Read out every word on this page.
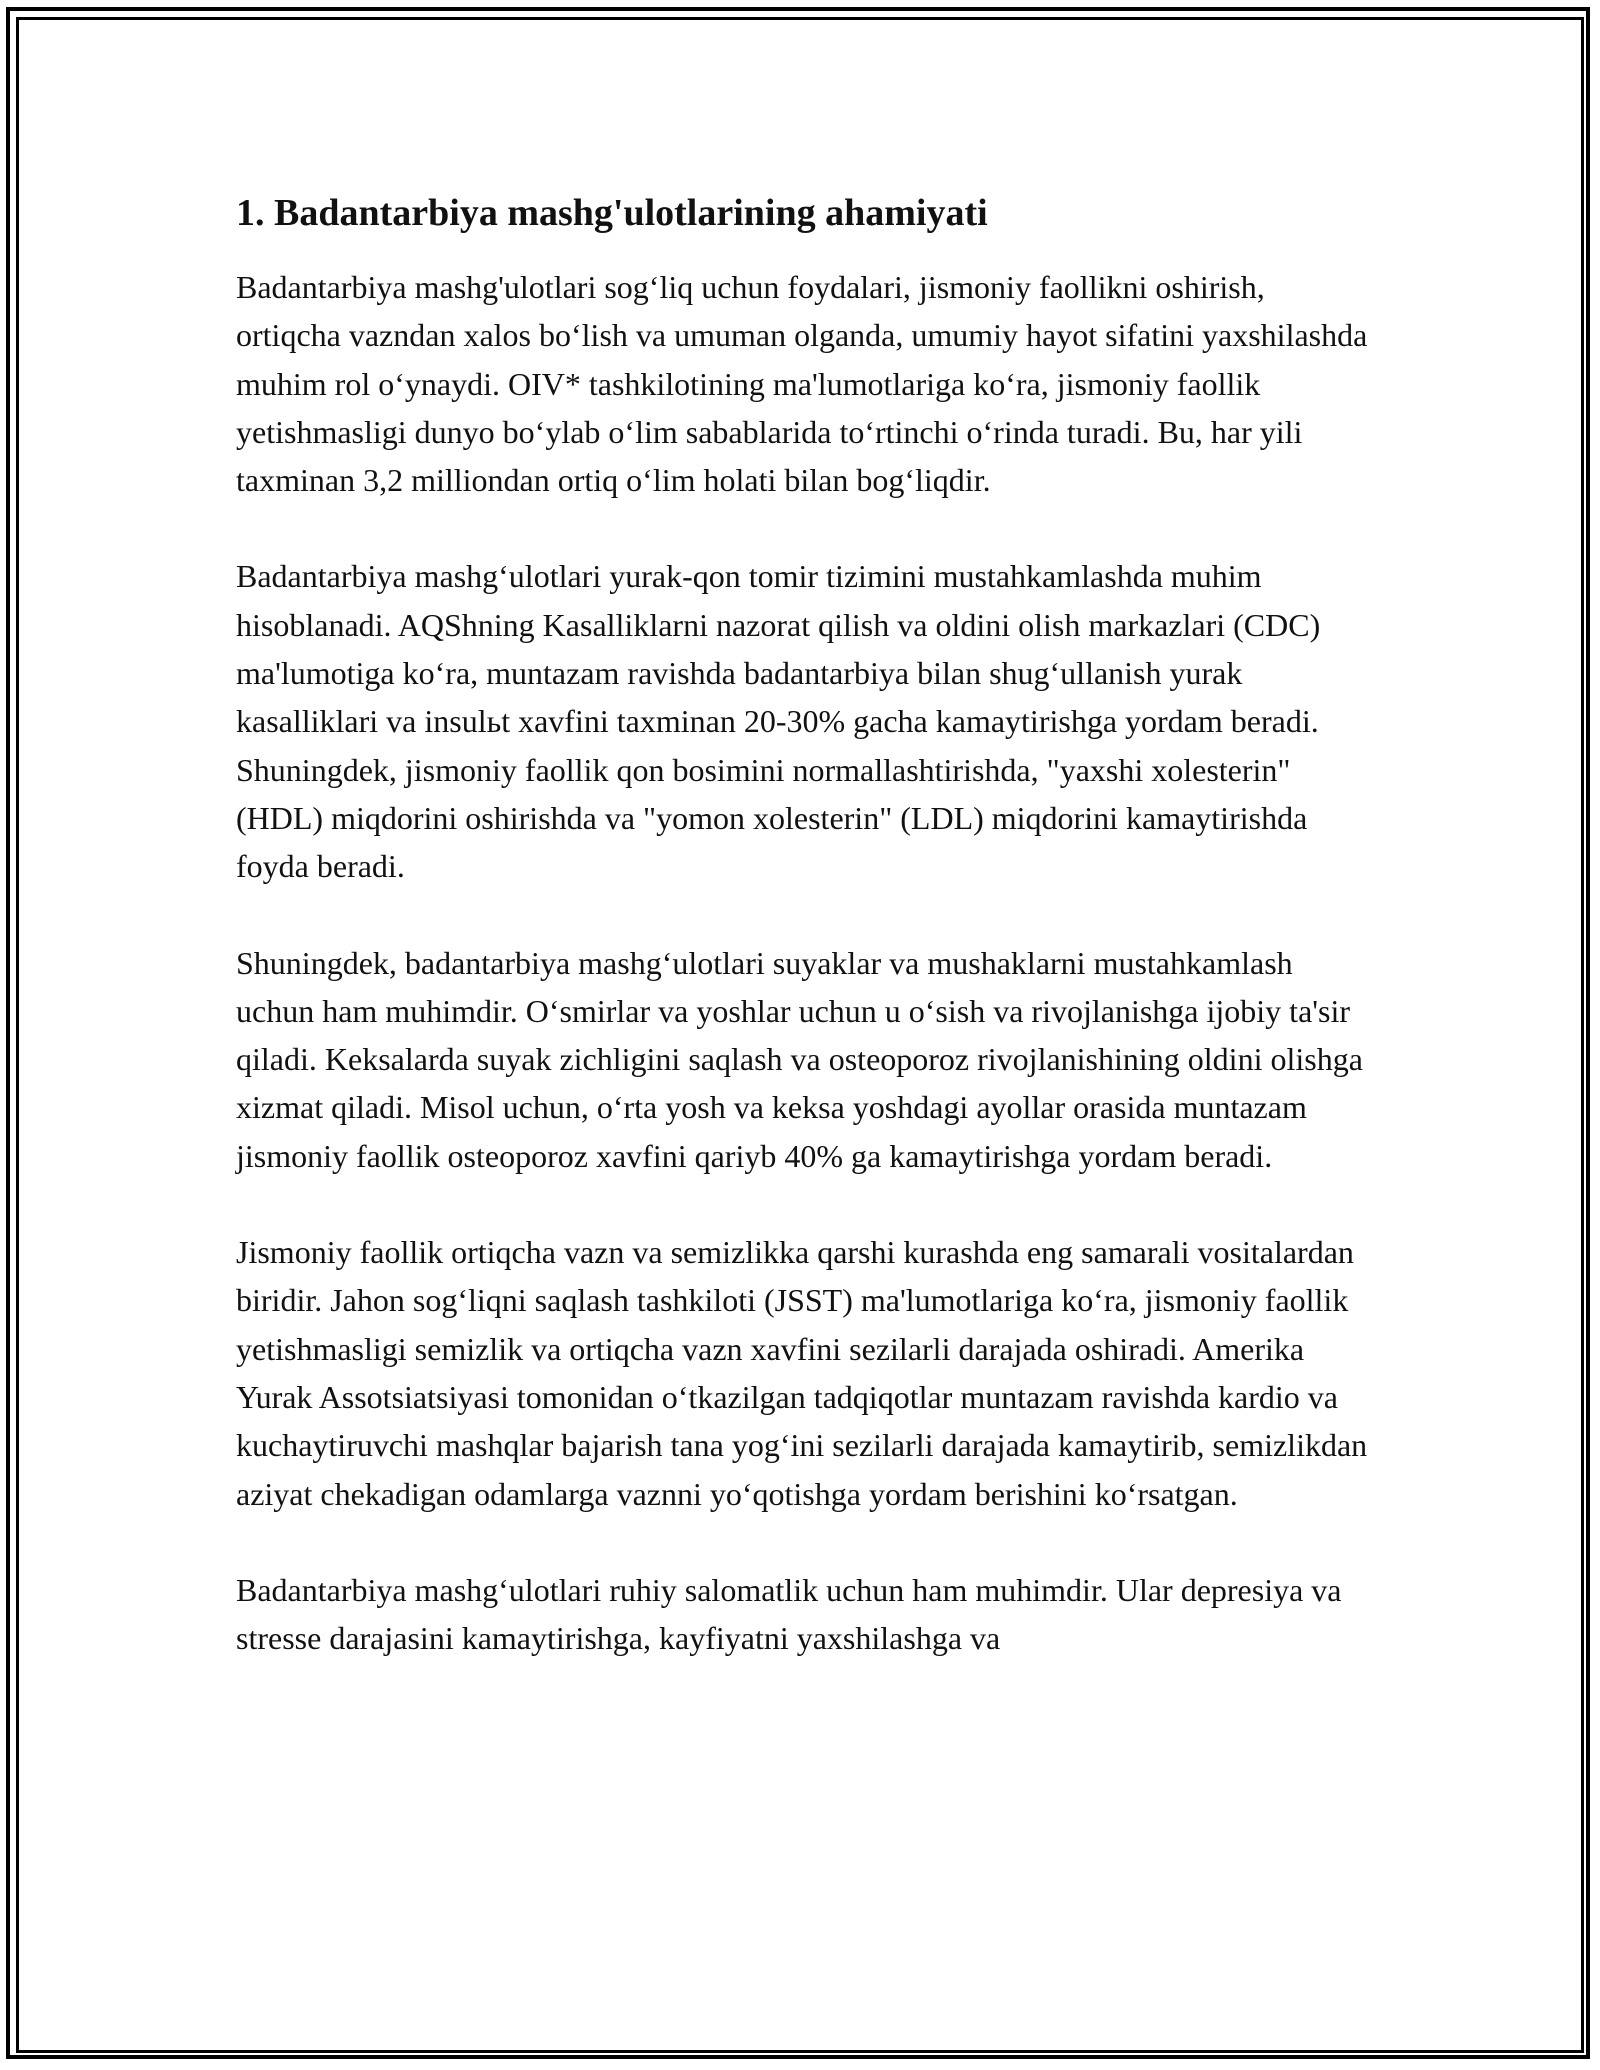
1. Badantarbiya mashg'ulotlarining ahamiyati

Badantarbiya mashg'ulotlari sog‘liq uchun foydalari, jismoniy faollikni oshirish, ortiqcha vazndan xalos bo‘lish va umuman olganda, umumiy hayot sifatini yaxshilashda muhim rol o‘ynaydi. OIV* tashkilotining ma'lumotlariga ko‘ra, jismoniy faollik yetishmasligi dunyo bo‘ylab o‘lim sabablarida to‘rtinchi o‘rinda turadi. Bu, har yili taxminan 3,2 milliondan ortiq o‘lim holati bilan bog‘liqdir.

Badantarbiya mashg‘ulotlari yurak-qon tomir tizimini mustahkamlashda muhim hisoblanadi. AQShning Kasalliklarni nazorat qilish va oldini olish markazlari (CDC) ma'lumotiga ko‘ra, muntazam ravishda badantarbiya bilan shug‘ullanish yurak kasalliklari va insulьt xavfini taxminan 20-30% gacha kamaytirishga yordam beradi. Shuningdek, jismoniy faollik qon bosimini normallashtirishda, "yaxshi xolesterin" (HDL) miqdorini oshirishda va "yomon xolesterin" (LDL) miqdorini kamaytirishda foyda beradi.

Shuningdek, badantarbiya mashg‘ulotlari suyaklar va mushaklarni mustahkamlash uchun ham muhimdir. O‘smirlar va yoshlar uchun u o‘sish va rivojlanishga ijobiy ta'sir qiladi. Keksalarda suyak zichligini saqlash va osteoporoz rivojlanishining oldini olishga xizmat qiladi. Misol uchun, o‘rta yosh va keksa yoshdagi ayollar orasida muntazam jismoniy faollik osteoporoz xavfini qariyb 40% ga kamaytirishga yordam beradi.

Jismoniy faollik ortiqcha vazn va semizlikka qarshi kurashda eng samarali vositalardan biridir. Jahon sog‘liqni saqlash tashkiloti (JSST) ma'lumotlariga ko‘ra, jismoniy faollik yetishmasligi semizlik va ortiqcha vazn xavfini sezilarli darajada oshiradi. Amerika Yurak Assotsiatsiyasi tomonidan o‘tkazilgan tadqiqotlar muntazam ravishda kardio va kuchaytiruvchi mashqlar bajarish tana yog‘ini sezilarli darajada kamaytirib, semizlikdan aziyat chekadigan odamlarga vaznni yo‘qotishga yordam berishini ko‘rsatgan.

Badantarbiya mashg‘ulotlari ruhiy salomatlik uchun ham muhimdir. Ular depresiya va stresse darajasini kamaytirishga, kayfiyatni yaxshilashga va
